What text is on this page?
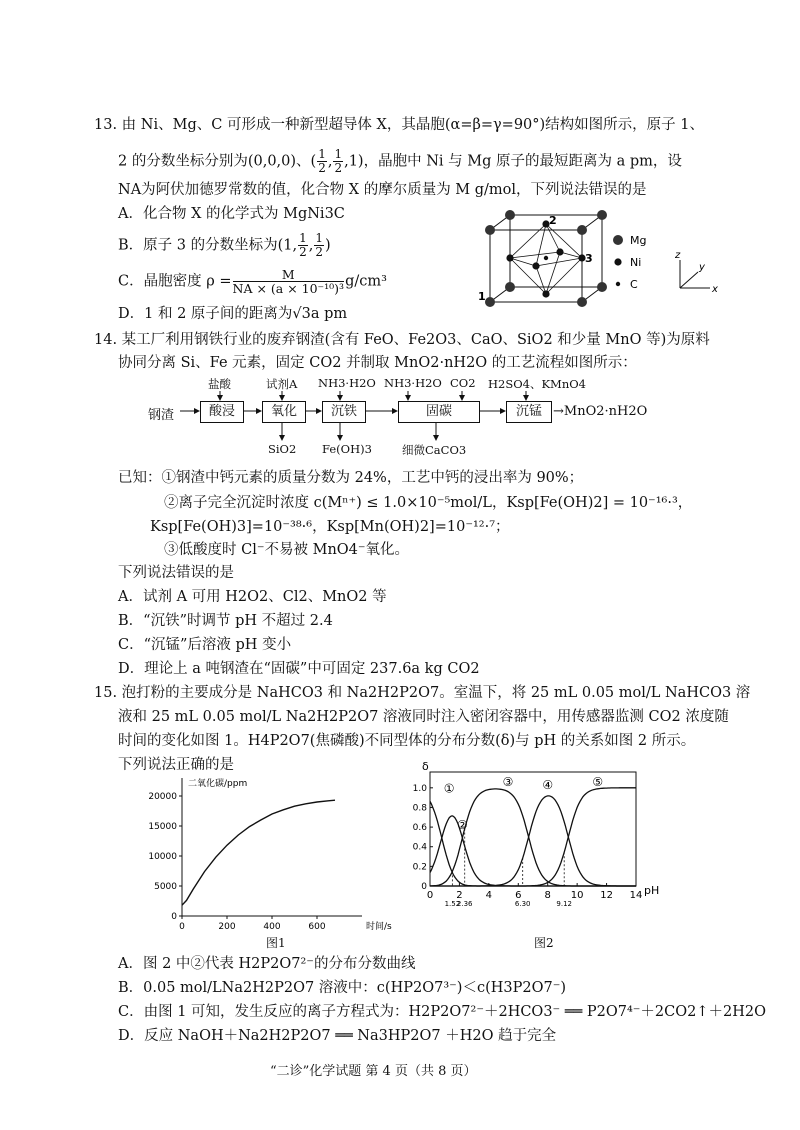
13. 由 Ni、Mg、C 可形成一种新型超导体 X，其晶胞(α=β=γ=90°)结构如图所示，原子 1、
2 的分数坐标分别为(0,0,0)、( $\frac{1}{2}$ , $\frac{1}{2} ,1$)，晶胞中 Ni 与 Mg 原子的最短距离为 a pm，设
NA为阿伏加德罗常数的值，化合物 X 的摩尔质量为 M g/mol，下列说法错误的是
A．化合物 X 的化学式为 MgNi3C
B．原子 3 的分数坐标为(1, $\frac{1}{2}$ , $\frac{1}{2}$ )
C．晶胞密度 $\rho = \frac{M}{\text{NA × (a × 10⁻¹⁰)³}} g/cm^3$
D．1 和 2 原子间的距离为√3a pm
2
3
1
Mg
Ni
C
z
y
x
14. 某工厂利用钢铁行业的废弃钢渣(含有 FeO、Fe2O3、CaO、SiO2 和少量 MnO 等)为原料
协同分离 Si、Fe 元素，固定 CO2 并制取 MnO2·nH2O 的工艺流程如图所示：
钢渣	酸浸	氧化	沉铁	固碳	沉锰 →MnO2·nH2O
盐酸	试剂A NH3·H2O NH3·H2O CO2 H2SO4、KMnO4
SiO2 Fe(OH)3	细微CaCO3
已知：①钢渣中钙元素的质量分数为 24%，工艺中钙的浸出率为 90%；
②离子完全沉淀时浓度 c(Mⁿ⁺) ≤ 1.0×10⁻⁵mol/L，Ksp[Fe(OH)2] = 10⁻¹⁶·³，
Ksp[Fe(OH)3]=10⁻³⁸·⁶，Ksp[Mn(OH)2]=10⁻¹²·⁷；
③低酸度时 Cl⁻不易被 MnO4⁻氧化。
下列说法错误的是
A．试剂 A 可用 H2O2、Cl2、MnO2 等
B．“沉铁”时调节 pH 不超过 2.4
C．“沉锰”后溶液 pH 变小
D．理论上 a 吨钢渣在“固碳”中可固定 237.6a kg CO2
15. 泡打粉的主要成分是 NaHCO3 和 Na2H2P2O7。室温下，将 25 mL 0.05 mol/L NaHCO3 溶
液和 25 mL 0.05 mol/L Na2H2P2O7 溶液同时注入密闭容器中，用传感器监测 CO2 浓度随
时间的变化如图 1。H4P2O7(焦磷酸)不同型体的分布分数(δ)与 pH 的关系如图 2 所示。
下列说法正确的是
0
5000
10000
15000
20000
0	200	400	600
二氧化碳/ppm
时间/s
图1
δ
0
0.2
0.4
0.6
0.8
1.0
0 2 4 6 8 10 12 14 pH
①
②
③ ④	⑤
1.52
2.36	6.30	9.12
图2
A．图 2 中②代表 H2P2O7²⁻的分布分数曲线
B．0.05 mol/LNa2H2P2O7 溶液中：c(HP2O7³⁻)＜c(H3P2O7⁻)
C．由图 1 可知，发生反应的离子方程式为：H2P2O7²⁻＋2HCO3⁻ ══ P2O7⁴⁻＋2CO2↑＋2H2O
D．反应 NaOH＋Na2H2P2O7 ══ Na3HP2O7 ＋H2O 趋于完全
“二诊”化学试题 第 4 页（共 8 页）
